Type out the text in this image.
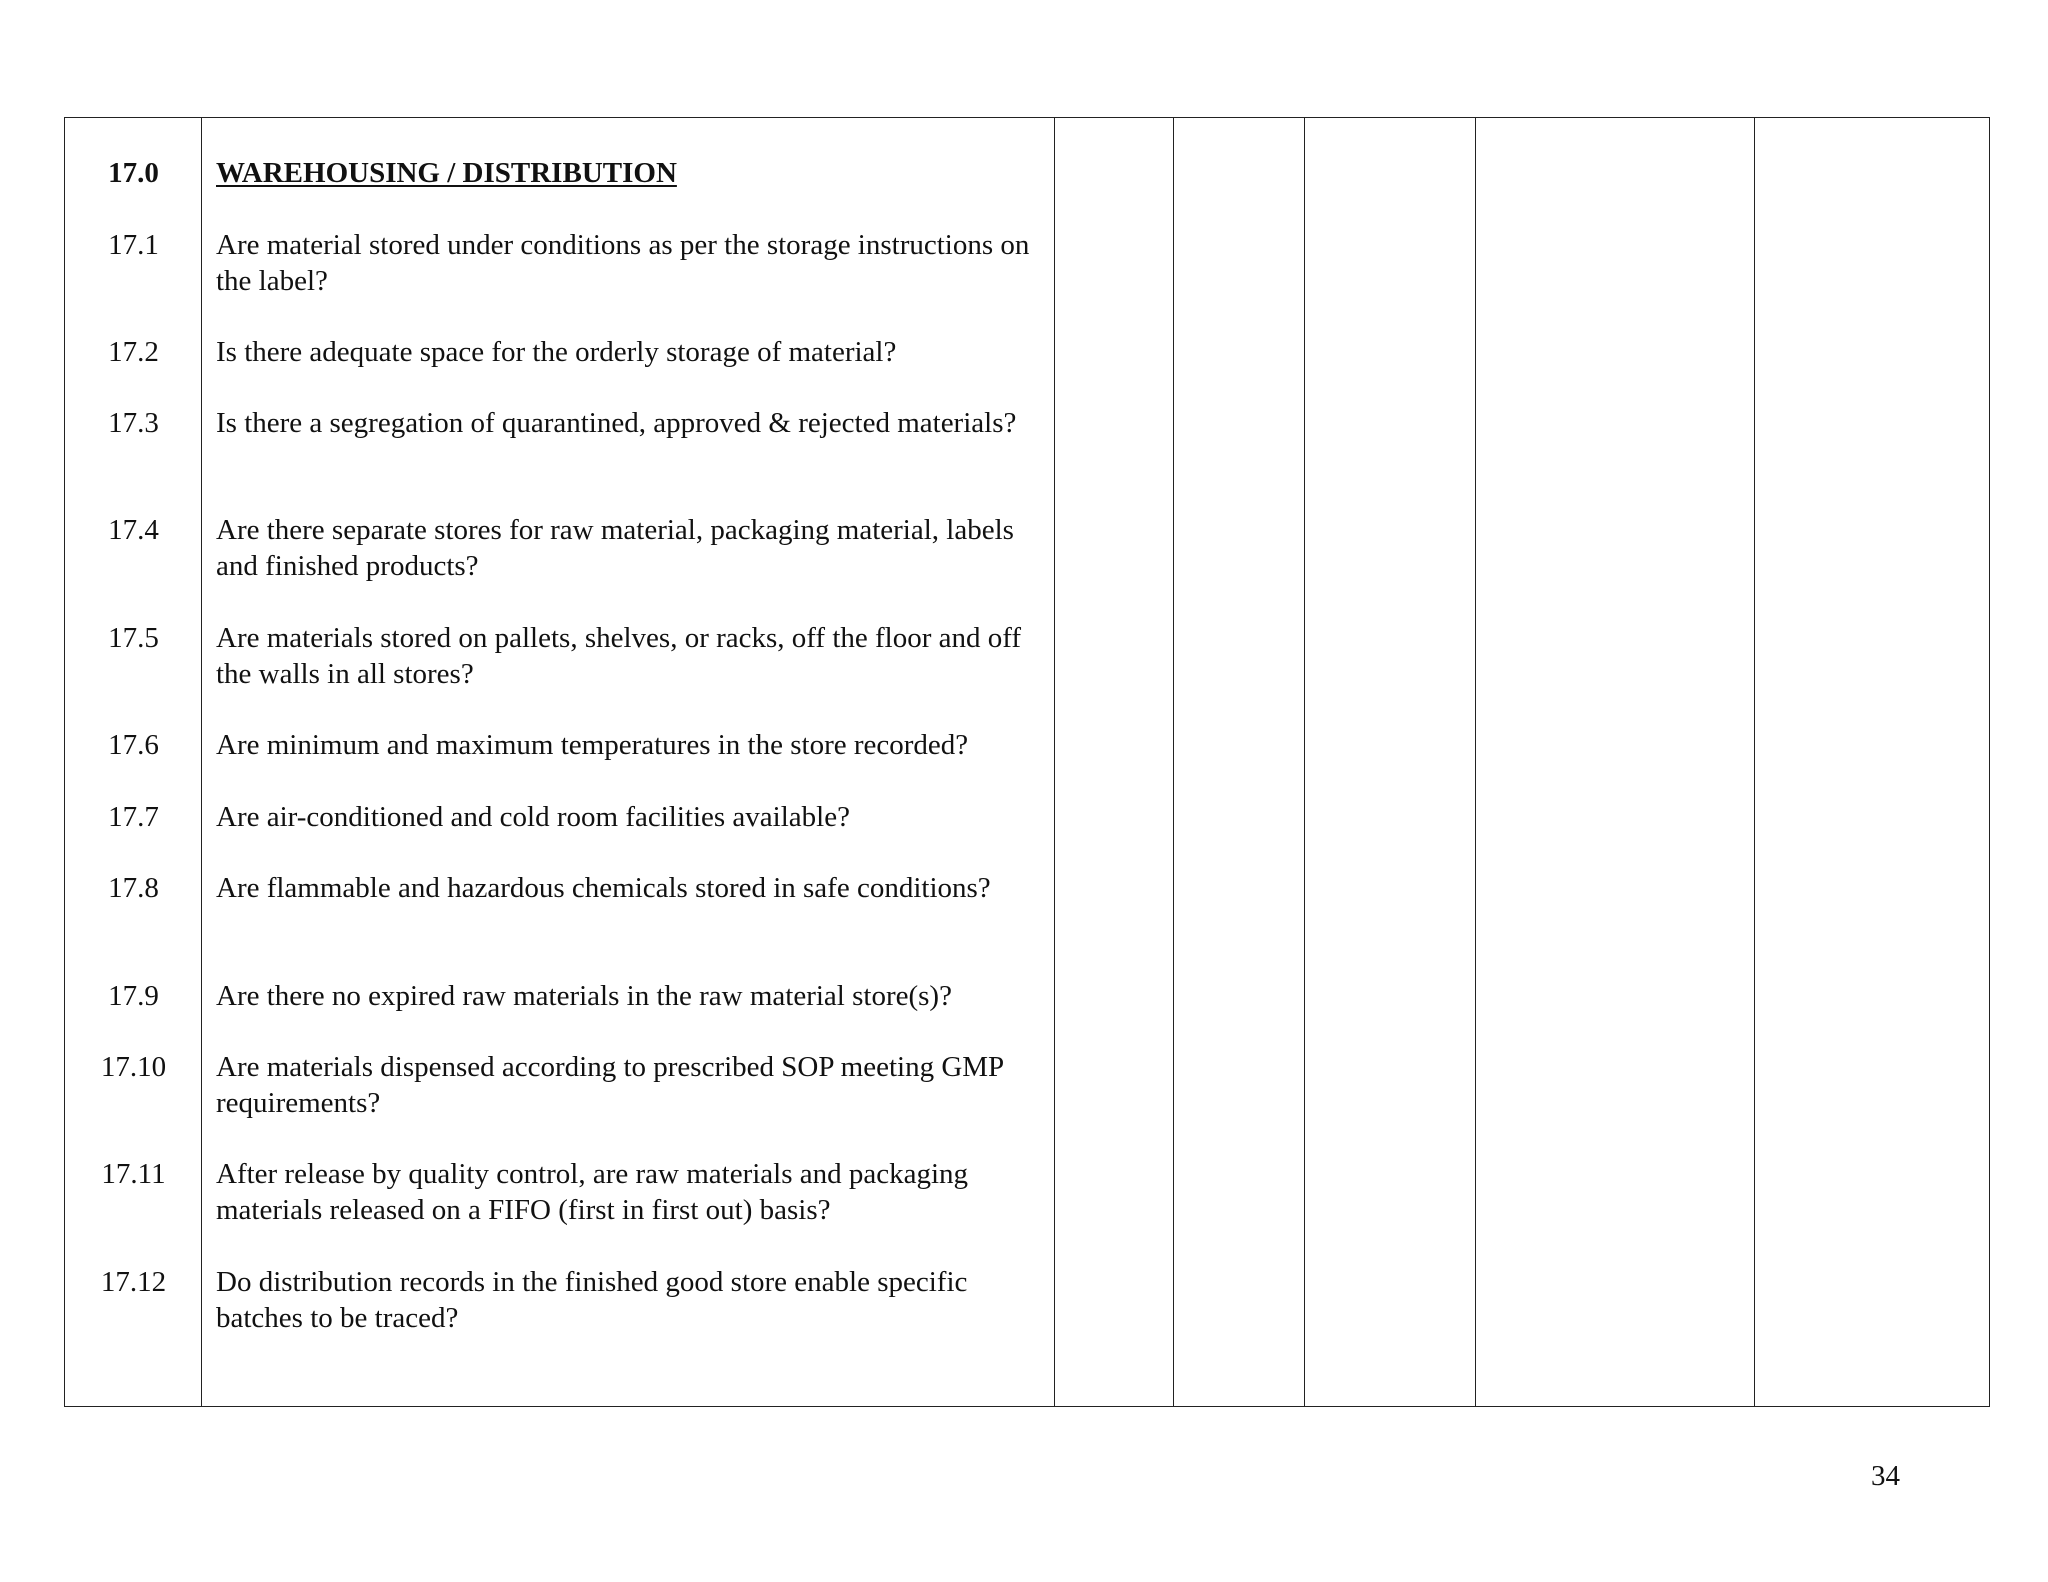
17.0	WAREHOUSING / DISTRIBUTION
17.1	Are material stored under conditions as per the storage instructions on the label?
17.2	Is there adequate space for the orderly storage of material?
17.3	Is there a segregation of quarantined, approved & rejected materials?
17.4	Are there separate stores for raw material, packaging material, labels and finished products?
17.5	Are materials stored on pallets, shelves, or racks, off the floor and off the walls in all stores?
17.6	Are minimum and maximum temperatures in the store recorded?
17.7	Are air-conditioned and cold room facilities available?
17.8	Are flammable and hazardous chemicals stored in safe conditions?
17.9	Are there no expired raw materials in the raw material store(s)?
17.10	Are materials dispensed according to prescribed SOP meeting GMP requirements?
17.11	After release by quality control, are raw materials and packaging materials released on a FIFO (first in first out) basis?
17.12	Do distribution records in the finished good store enable specific batches to be traced?
34
